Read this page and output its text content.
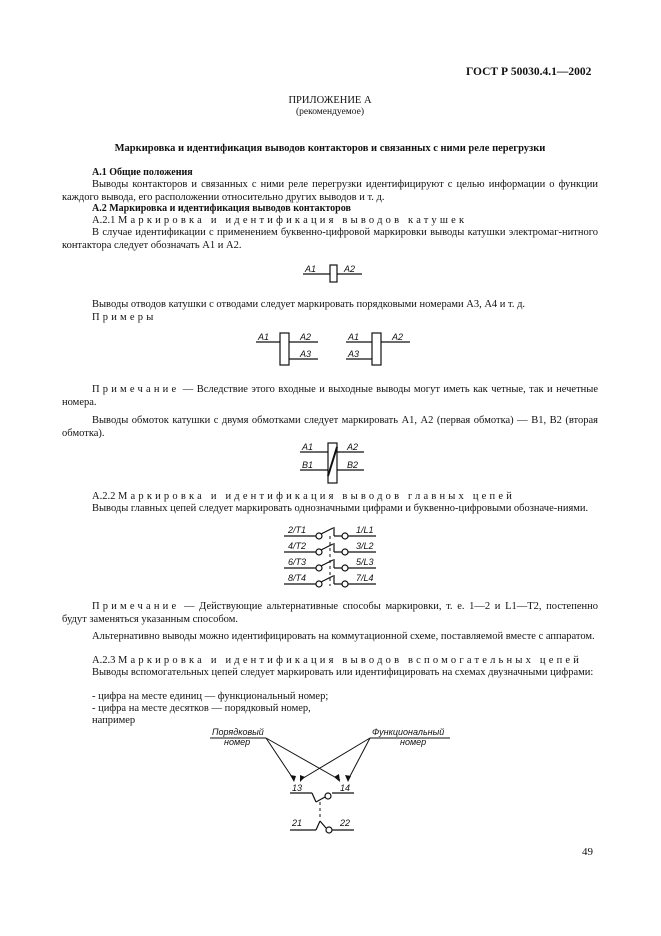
ГОСТ Р 50030.4.1—2002
ПРИЛОЖЕНИЕ А
(рекомендуемое)
Маркировка и идентификация выводов контакторов и связанных с ними реле перегрузки
А.1 Общие положения
Выводы контакторов и связанных с ними реле перегрузки идентифицируют с целью информации о функции каждого вывода, его расположении относительно других выводов и т. д.
А.2 Маркировка и идентификация выводов контакторов
А.2.1 Маркировка и идентификация выводов катушек
В случае идентификации с применением буквенно-цифровой маркировки выводы катушки электромаг-нитного контактора следует обозначать А1 и А2.
A1	A2
Выводы отводов катушки с отводами следует маркировать порядковыми номерами А3, А4 и т. д.
Примеры
A1	A2
A3
A1
A3
A2
Примечание — Вследствие этого входные и выходные выводы могут иметь как четные, так и нечетные номера.
Выводы обмоток катушки с двумя обмотками следует маркировать А1, А2 (первая обмотка) — В1, В2 (вторая обмотка).
A1
B1
A2
B2
А.2.2 Маркировка и идентификация выводов главных цепей
Выводы главных цепей следует маркировать однозначными цифрами и буквенно-цифровыми обозначе-ниями.
2/T1	1/L1
4/T2	3/L2
6/T3	5/L3
8/T4	7/L4
Примечание — Действующие альтернативные способы маркировки, т. е. 1—2 и L1—T2, постепенно будут заменяться указанным способом.
Альтернативно выводы можно идентифицировать на коммутационной схеме, поставляемой вместе с аппаратом.
А.2.3 Маркировка и идентификация выводов вспомогательных цепей
Выводы вспомогательных цепей следует маркировать или идентифицировать на схемах двузначными цифрами:
- цифра на месте единиц — функциональный номер;
- цифра на месте десятков — порядковый номер,
например
Порядковый
номер
Функциональный
номер
13	14
21	22
49
